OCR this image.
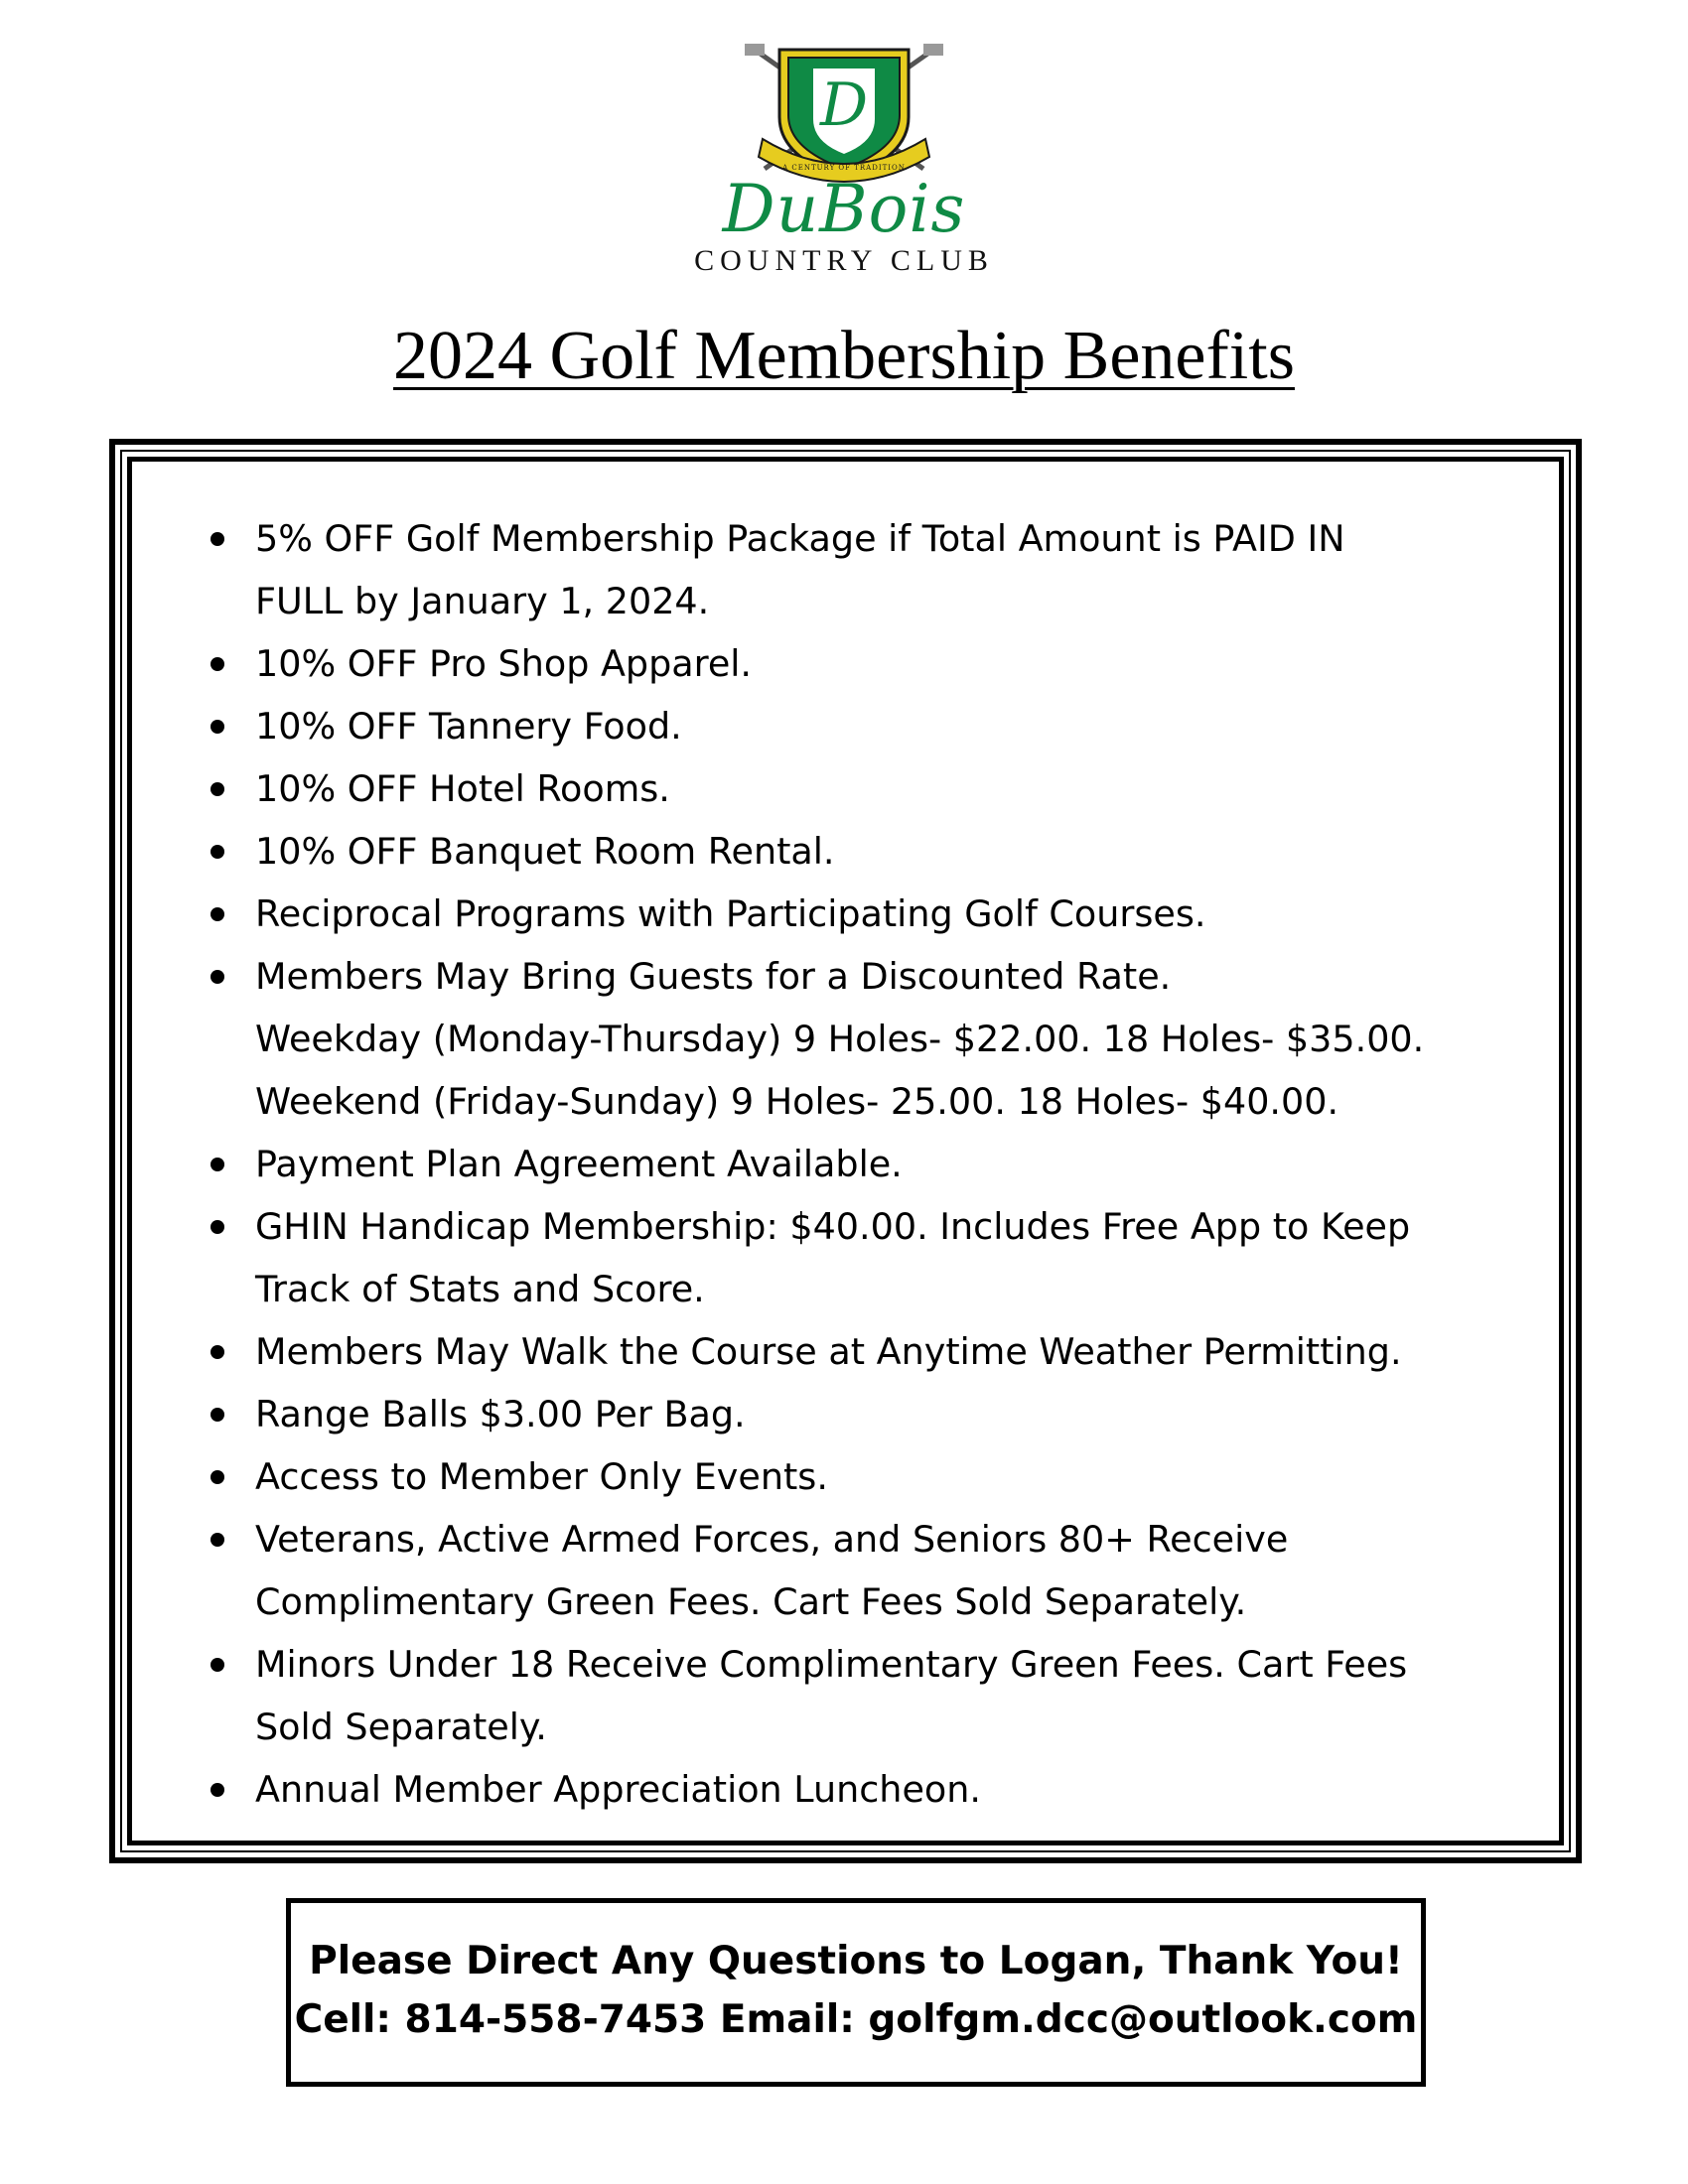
D
A CENTURY OF TRADITION
DuBois
COUNTRY CLUB
2024 Golf Membership Benefits
5% OFF Golf Membership Package if Total Amount is PAID IN
FULL by January 1, 2024.
10% OFF Pro Shop Apparel.
10% OFF Tannery Food.
10% OFF Hotel Rooms.
10% OFF Banquet Room Rental.
Reciprocal Programs with Participating Golf Courses.
Members May Bring Guests for a Discounted Rate.
Weekday (Monday-Thursday) 9 Holes- $22.00. 18 Holes- $35.00.
Weekend (Friday-Sunday) 9 Holes- 25.00. 18 Holes- $40.00.
Payment Plan Agreement Available.
GHIN Handicap Membership: $40.00. Includes Free App to Keep
Track of Stats and Score.
Members May Walk the Course at Anytime Weather Permitting.
Range Balls $3.00 Per Bag.
Access to Member Only Events.
Veterans, Active Armed Forces, and Seniors 80+ Receive
Complimentary Green Fees. Cart Fees Sold Separately.
Minors Under 18 Receive Complimentary Green Fees. Cart Fees
Sold Separately.
Annual Member Appreciation Luncheon.
Please Direct Any Questions to Logan, Thank You!
Cell: 814-558-7453 Email: golfgm.dcc@outlook.com
